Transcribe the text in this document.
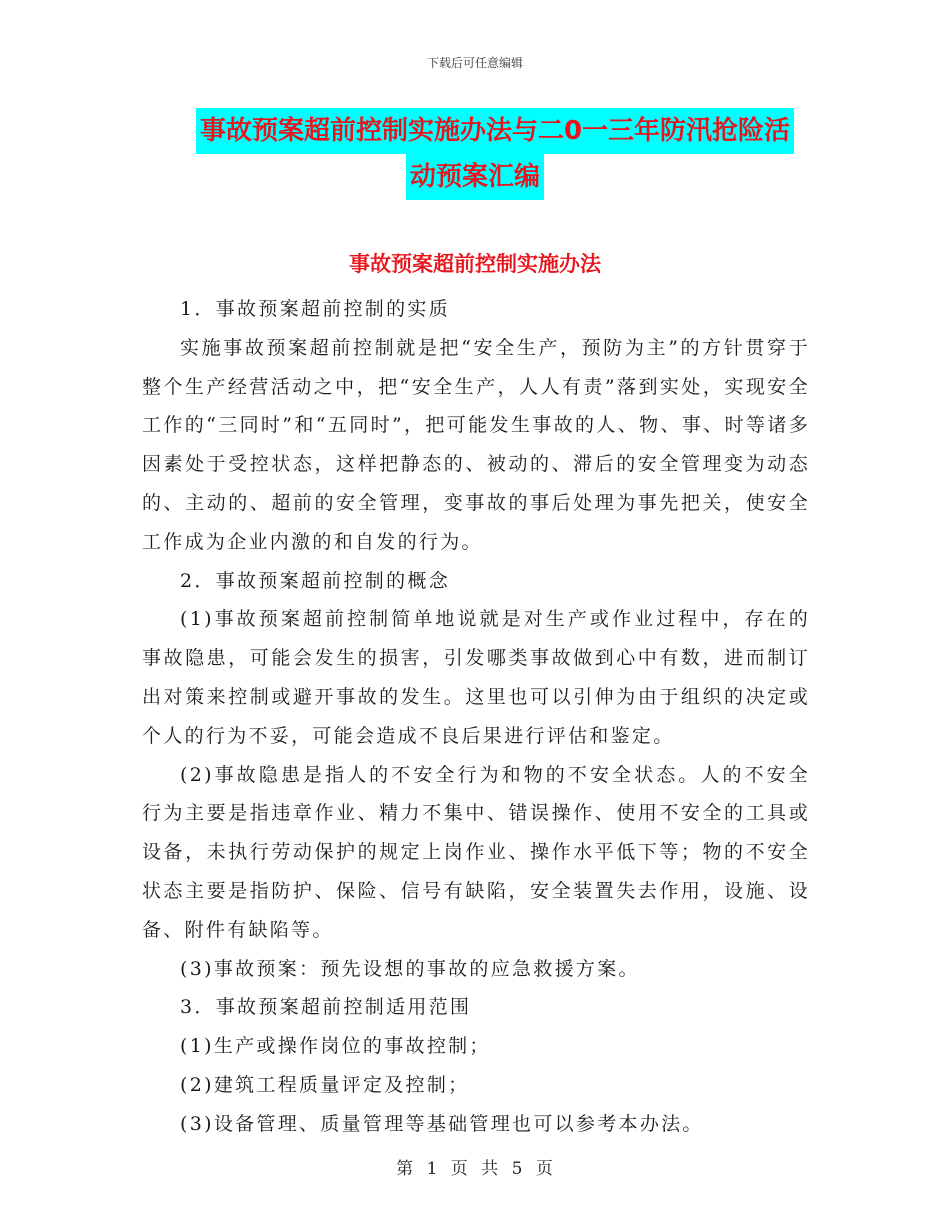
下载后可任意编辑
事故预案超前控制实施办法与二0一三年防汛抢险活
动预案汇编
事故预案超前控制实施办法

1．事故预案超前控制的实质

实施事故预案超前控制就是把“安全生产，预防为主”的方针贯穿于整个生产经营活动之中，把“安全生产，人人有责”落到实处，实现安全工作的“三同时”和“五同时”，把可能发生事故的人、物、事、时等诸多因素处于受控状态，这样把静态的、被动的、滞后的安全管理变为动态的、主动的、超前的安全管理，变事故的事后处理为事先把关，使安全工作成为企业内激的和自发的行为。

2．事故预案超前控制的概念

(1)事故预案超前控制简单地说就是对生产或作业过程中，存在的事故隐患，可能会发生的损害，引发哪类事故做到心中有数，进而制订出对策来控制或避开事故的发生。这里也可以引伸为由于组织的决定或个人的行为不妥，可能会造成不良后果进行评估和鉴定。

(2)事故隐患是指人的不安全行为和物的不安全状态。人的不安全行为主要是指违章作业、精力不集中、错误操作、使用不安全的工具或设备，未执行劳动保护的规定上岗作业、操作水平低下等；物的不安全状态主要是指防护、保险、信号有缺陷，安全装置失去作用，设施、设备、附件有缺陷等。

(3)事故预案：预先设想的事故的应急救援方案。

3．事故预案超前控制适用范围

(1)生产或操作岗位的事故控制；

(2)建筑工程质量评定及控制；

(3)设备管理、质量管理等基础管理也可以参考本办法。

第 1 页 共 5 页
